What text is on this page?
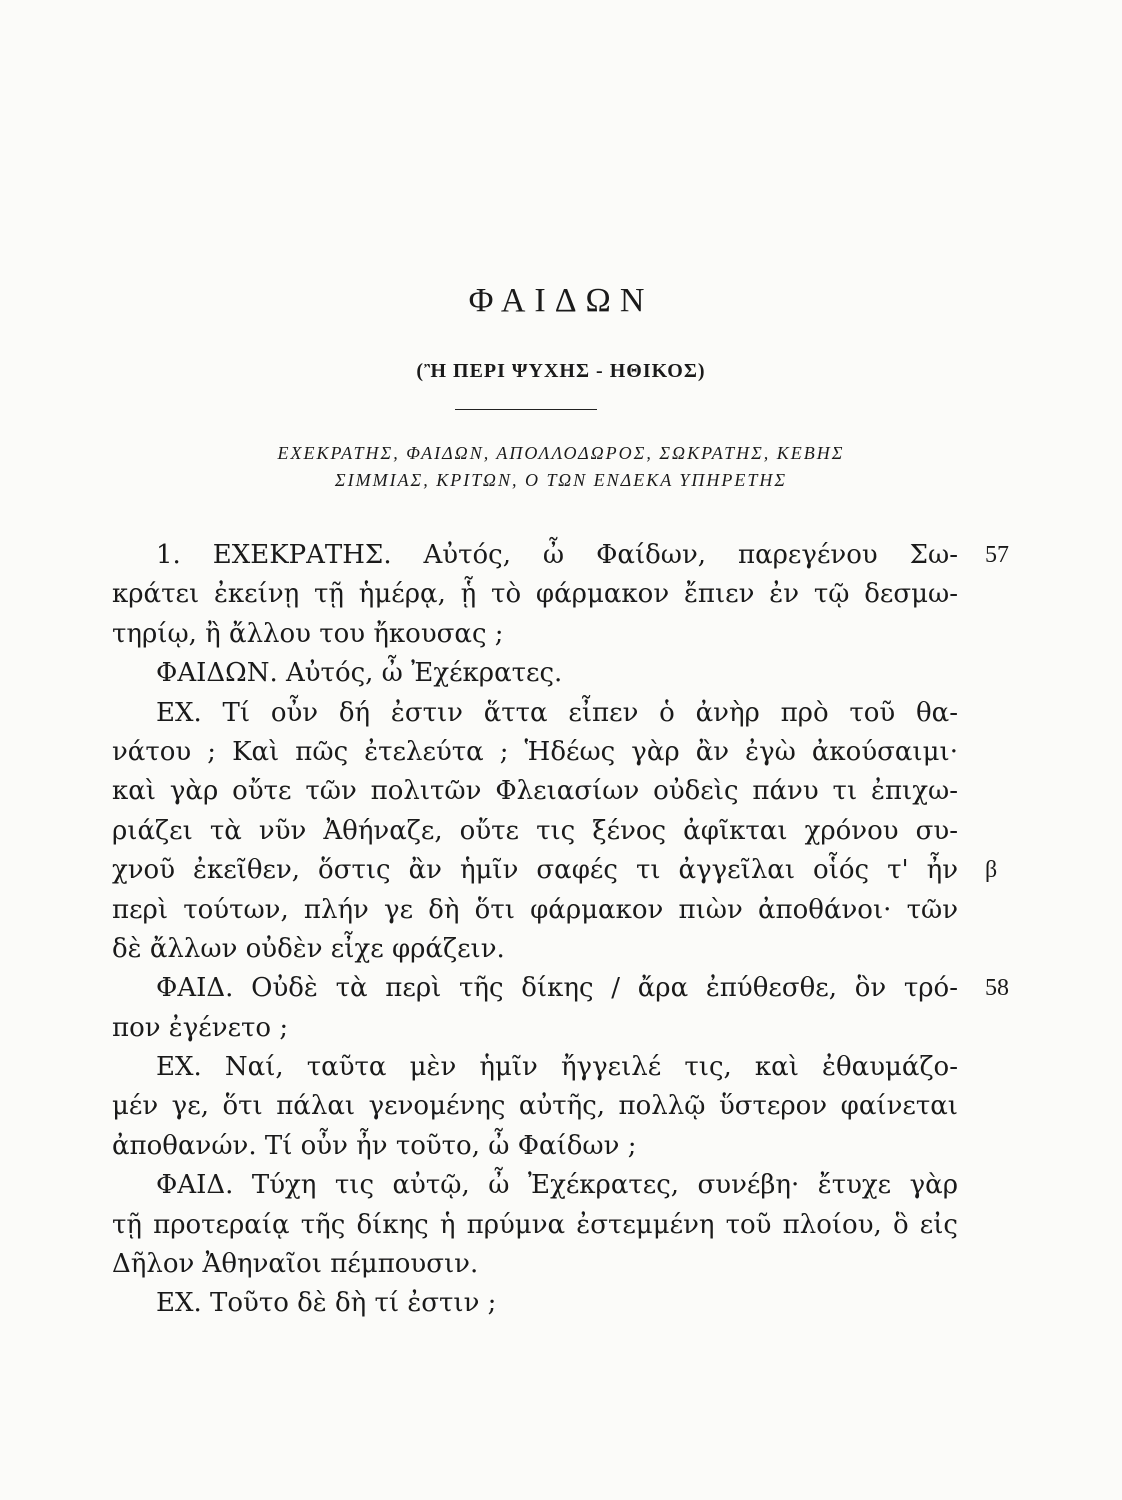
ΦΑΙΔΩΝ
(Ἢ ΠΕΡΙ ΨΥΧΗΣ - ΗΘΙΚΟΣ)
ΕΧΕΚΡΑΤΗΣ, ΦΑΙΔΩΝ, ΑΠΟΛΛΟΔΩΡΟΣ, ΣΩΚΡΑΤΗΣ, ΚΕΒΗΣ
ΣΙΜΜΙΑΣ, ΚΡΙΤΩΝ, Ο ΤΩΝ ΕΝΔΕΚΑ ΥΠΗΡΕΤΗΣ
1. ΕΧΕΚΡΑΤΗΣ. Αὐτός, ὦ Φαίδων, παρεγένου Σω-
κράτει ἐκείνῃ τῇ ἡμέρᾳ, ᾗ τὸ φάρμακον ἔπιεν ἐν τῷ δεσμω-
τηρίῳ, ἢ ἄλλου του ἤκουσας ;
ΦΑΙΔΩΝ. Αὐτός, ὦ Ἐχέκρατες.
ΕΧ. Τί οὖν δή ἐστιν ἅττα εἶπεν ὁ ἀνὴρ πρὸ τοῦ θα-
νάτου ; Καὶ πῶς ἐτελεύτα ; Ἡδέως γὰρ ἂν ἐγὼ ἀκούσαιμι·
καὶ γὰρ οὔτε τῶν πολιτῶν Φλειασίων οὐδεὶς πάνυ τι ἐπιχω-
ριάζει τὰ νῦν Ἀθήναζε, οὔτε τις ξένος ἀφῖκται χρόνου συ-
χνοῦ ἐκεῖθεν, ὅστις ἂν ἡμῖν σαφές τι ἀγγεῖλαι οἷός τ' ἦν
περὶ τούτων, πλήν γε δὴ ὅτι φάρμακον πιὼν ἀποθάνοι· τῶν
δὲ ἄλλων οὐδὲν εἶχε φράζειν.
ΦΑΙΔ. Οὐδὲ τὰ περὶ τῆς δίκης / ἄρα ἐπύθεσθε, ὃν τρό-
πον ἐγένετο ;
ΕΧ. Ναί, ταῦτα μὲν ἡμῖν ἤγγειλέ τις, καὶ ἐθαυμάζο-
μέν γε, ὅτι πάλαι γενομένης αὐτῆς, πολλῷ ὕστερον φαίνεται
ἀποθανών. Τί οὖν ἦν τοῦτο, ὦ Φαίδων ;
ΦΑΙΔ. Τύχη τις αὐτῷ, ὦ Ἐχέκρατες, συνέβη· ἔτυχε γὰρ
τῇ προτεραίᾳ τῆς δίκης ἡ πρύμνα ἐστεμμένη τοῦ πλοίου, ὃ εἰς
Δῆλον Ἀθηναῖοι πέμπουσιν.
ΕΧ. Τοῦτο δὲ δὴ τί ἐστιν ;
57
β
58
